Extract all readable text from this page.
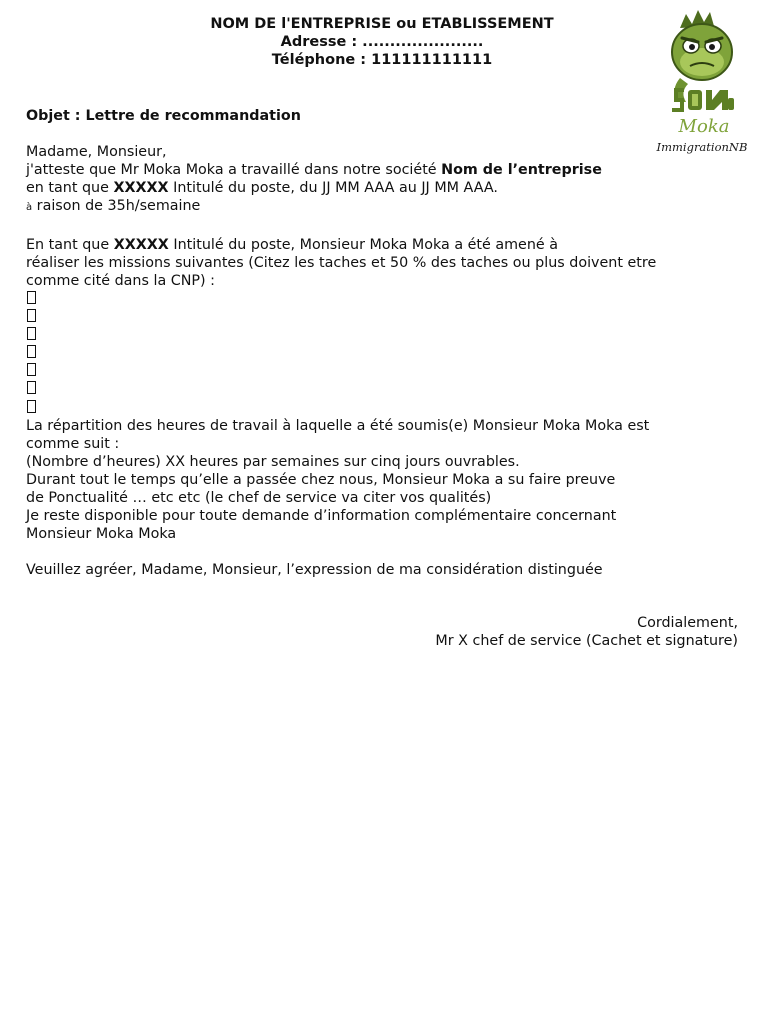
NOM DE l'ENTREPRISE ou ETABLISSEMENT
Adresse : ......................
Téléphone : 111111111111
Moka
ImmigrationNB
Objet : Lettre de recommandation
Madame, Monsieur,
j'atteste que Mr Moka Moka a travaillé dans notre société Nom de l’entreprise
en tant que XXXXX Intitulé du poste, du JJ MM AAA au JJ MM AAA.
à raison de 35h/semaine
En tant que XXXXX Intitulé du poste, Monsieur Moka Moka a été amené à
réaliser les missions suivantes (Citez les taches et 50 % des taches ou plus doivent etre
comme cité dans la CNP) :
La répartition des heures de travail à laquelle a été soumis(e) Monsieur Moka Moka est
comme suit :
(Nombre d’heures) XX heures par semaines sur cinq jours ouvrables.
Durant tout le temps qu’elle a passée chez nous, Monsieur Moka a su faire preuve
de Ponctualité … etc etc (le chef de service va citer vos qualités)
Je reste disponible pour toute demande d’information complémentaire concernant
Monsieur Moka Moka
Veuillez agréer, Madame, Monsieur, l’expression de ma considération distinguée
Cordialement,
Mr X chef de service (Cachet et signature)
